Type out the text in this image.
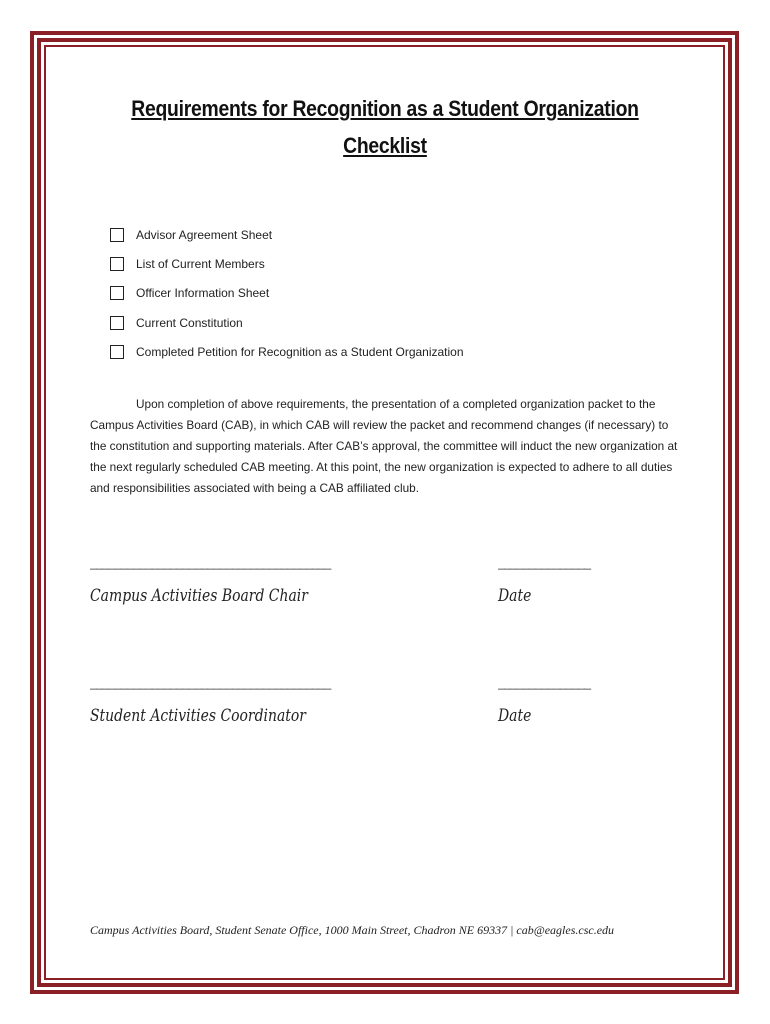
Requirements for Recognition as a Student Organization
Checklist
Advisor Agreement Sheet
List of Current Members
Officer Information Sheet
Current Constitution
Completed Petition for Recognition as a Student Organization

Upon completion of above requirements, the presentation of a completed organization packet to the Campus Activities Board (CAB), in which CAB will review the packet and recommend changes (if necessary) to the constitution and supporting materials. After CAB’s approval, the committee will induct the new organization at the next regularly scheduled CAB meeting. At this point, the new organization is expected to adhere to all duties and responsibilities associated with being a CAB affiliated club.

_______________________________________	_______________
Campus Activities Board Chair	Date
_______________________________________	_______________
Student Activities Coordinator	Date
Campus Activities Board, Student Senate Office, 1000 Main Street, Chadron NE 69337 | cab@eagles.csc.edu
